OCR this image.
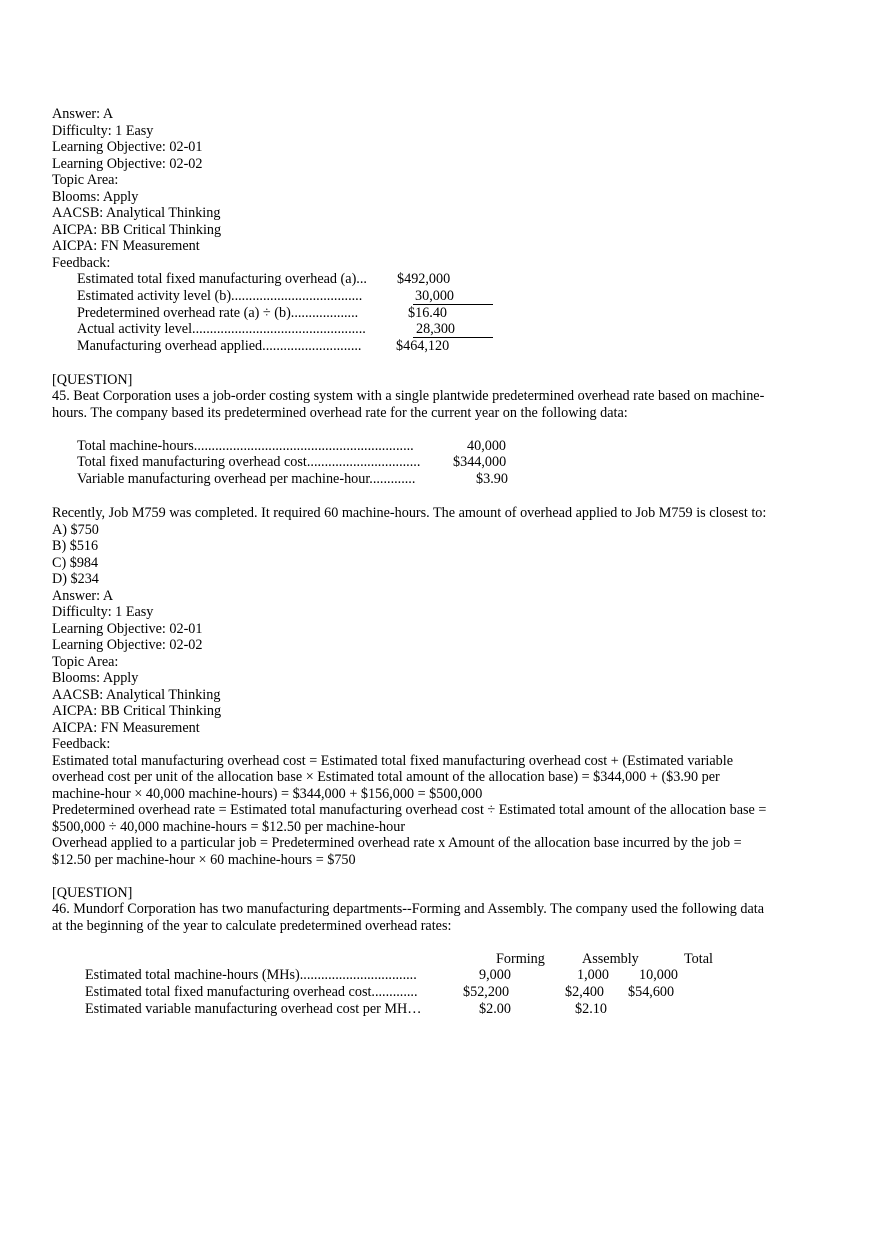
Answer: A
Difficulty: 1 Easy
Learning Objective: 02-01
Learning Objective: 02-02
Topic Area:
Blooms: Apply
AACSB: Analytical Thinking
AICPA: BB Critical Thinking
AICPA: FN Measurement
Feedback:
Estimated total fixed manufacturing overhead (a)... $492,000
Estimated activity level (b).....................................	30,000
Predetermined overhead rate (a) ÷ (b)...................	$16.40
Actual activity level.................................................	28,300
Manufacturing overhead applied............................ $464,120
[QUESTION]
45. Beat Corporation uses a job-order costing system with a single plantwide predetermined overhead rate based on machine-hours. The company based its predetermined overhead rate for the current year on the following data:
Total machine-hours..............................................................	40,000
Total fixed manufacturing overhead cost................................ $344,000
Variable manufacturing overhead per machine-hour.............	$3.90
Recently, Job M759 was completed. It required 60 machine-hours. The amount of overhead applied to Job M759 is closest to:
A) $750
B) $516
C) $984
D) $234
Answer: A
Difficulty: 1 Easy
Learning Objective: 02-01
Learning Objective: 02-02
Topic Area:
Blooms: Apply
AACSB: Analytical Thinking
AICPA: BB Critical Thinking
AICPA: FN Measurement
Feedback:
Estimated total manufacturing overhead cost = Estimated total fixed manufacturing overhead cost + (Estimated variable overhead cost per unit of the allocation base × Estimated total amount of the allocation base) = $344,000 + ($3.90 per machine-hour × 40,000 machine-hours) = $344,000 + $156,000 = $500,000
Predetermined overhead rate = Estimated total manufacturing overhead cost ÷ Estimated total amount of the allocation base = $500,000 ÷ 40,000 machine-hours = $12.50 per machine-hour
Overhead applied to a particular job = Predetermined overhead rate x Amount of the allocation base incurred by the job = $12.50 per machine-hour × 60 machine-hours = $750
[QUESTION]
46. Mundorf Corporation has two manufacturing departments--Forming and Assembly. The company used the following data at the beginning of the year to calculate predetermined overhead rates:
Forming	Assembly	Total
Estimated total machine-hours (MHs).................................	9,000	1,000 10,000
Estimated total fixed manufacturing overhead cost.............	$52,200	$2,400 $54,600
Estimated variable manufacturing overhead cost per MH…	$2.00	$2.10
